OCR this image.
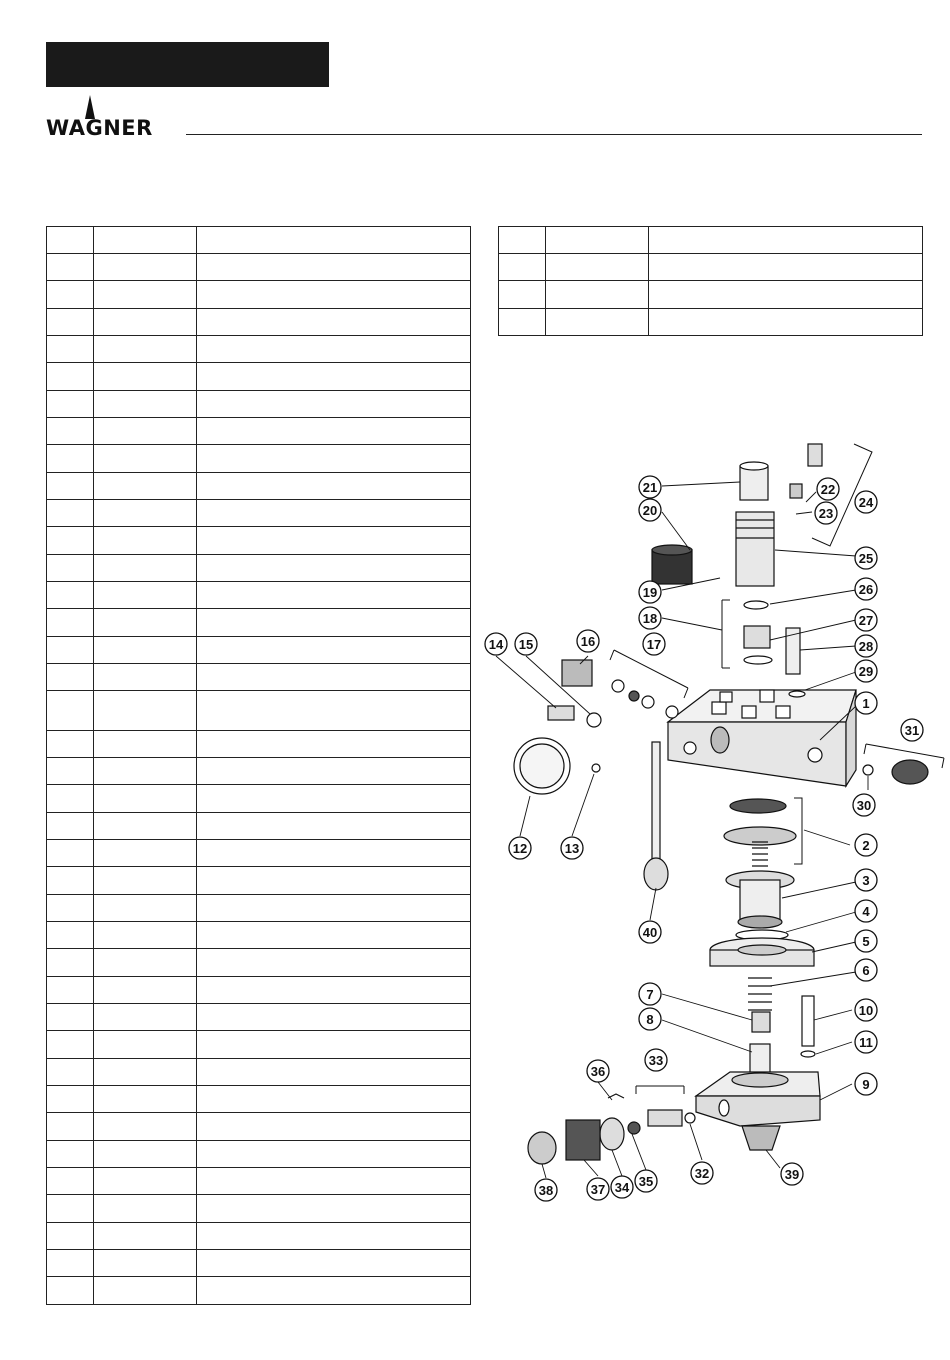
WAGNER

1
2
3
4
5
6
7
8
9
10
11
12	13
14 15	16	17
18
19
20
21	22
23
24
25
26
27
28
29
30
31
32
33
34 35
36
37
38
39
40
